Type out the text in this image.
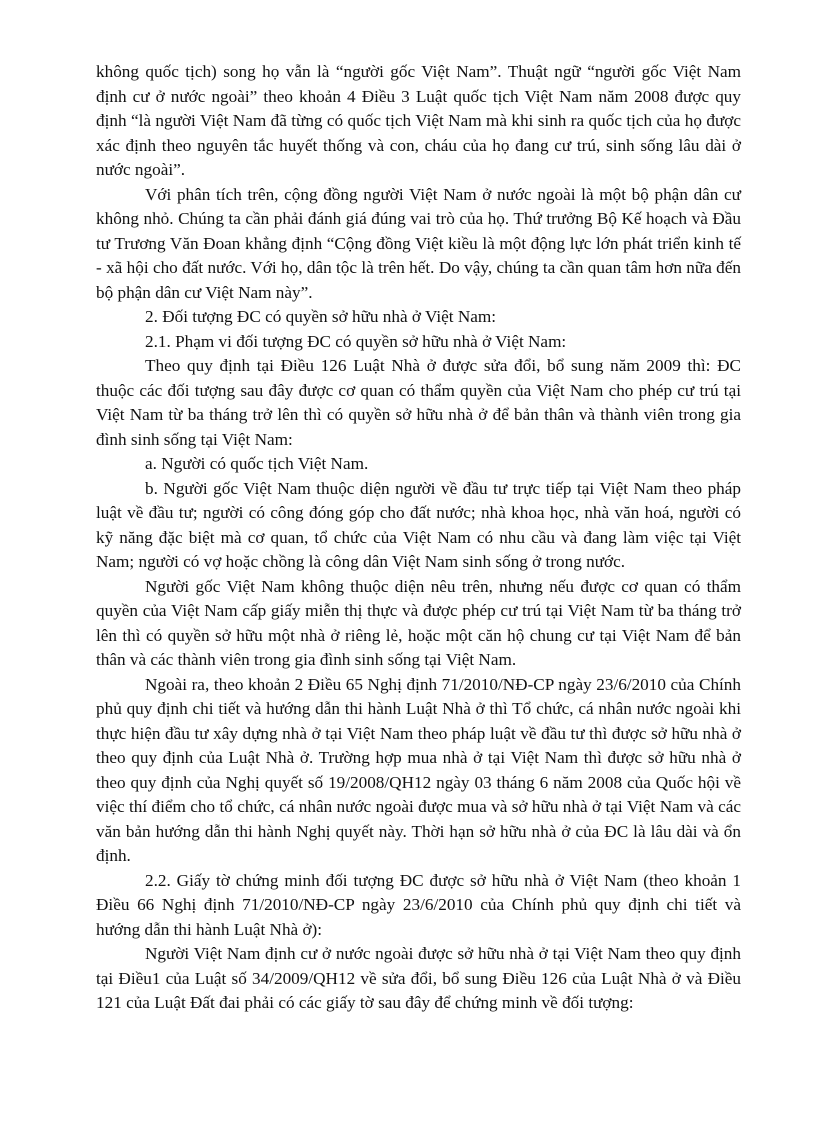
không quốc tịch) song họ vẫn là “người gốc Việt Nam”. Thuật ngữ “người gốc Việt Nam định cư ở nước ngoài” theo khoản 4 Điều 3 Luật quốc tịch Việt Nam năm 2008 được quy định “là người Việt Nam đã từng có quốc tịch Việt Nam mà khi sinh ra quốc tịch của họ được xác định theo nguyên tắc huyết thống và con, cháu của họ đang cư trú, sinh sống lâu dài ở nước ngoài”.

Với phân tích trên, cộng đồng người Việt Nam ở nước ngoài là một bộ phận dân cư không nhỏ. Chúng ta cần phải đánh giá đúng vai trò của họ. Thứ trưởng Bộ Kế hoạch và Đầu tư Trương Văn Đoan khẳng định “Cộng đồng Việt kiều là một động lực lớn phát triển kinh tế - xã hội cho đất nước. Với họ, dân tộc là trên hết. Do vậy, chúng ta cần quan tâm hơn nữa đến bộ phận dân cư Việt Nam này”.

2. Đối tượng ĐC có quyền sở hữu nhà ở Việt Nam:

2.1. Phạm vi đối tượng ĐC có quyền sở hữu nhà ở Việt Nam:

Theo quy định tại Điều 126 Luật Nhà ở được sửa đổi, bổ sung năm 2009 thì: ĐC thuộc các đối tượng sau đây được cơ quan có thẩm quyền của Việt Nam cho phép cư trú tại Việt Nam từ ba tháng trở lên thì có quyền sở hữu nhà ở để bản thân và thành viên trong gia đình sinh sống tại Việt Nam:

a. Người có quốc tịch Việt Nam.

b. Người gốc Việt Nam thuộc diện người về đầu tư trực tiếp tại Việt Nam theo pháp luật về đầu tư; người có công đóng góp cho đất nước; nhà khoa học, nhà văn hoá, người có kỹ năng đặc biệt mà cơ quan, tổ chức của Việt Nam có nhu cầu và đang làm việc tại Việt Nam; người có vợ hoặc chồng là công dân Việt Nam sinh sống ở trong nước.

Người gốc Việt Nam không thuộc diện nêu trên, nhưng nếu được cơ quan có thẩm quyền của Việt Nam cấp giấy miễn thị thực và được phép cư trú tại Việt Nam từ ba tháng trở lên thì có quyền sở hữu một nhà ở riêng lẻ, hoặc một căn hộ chung cư tại Việt Nam để bản thân và các thành viên trong gia đình sinh sống tại Việt Nam.

Ngoài ra, theo khoản 2 Điều 65 Nghị định 71/2010/NĐ-CP ngày 23/6/2010 của Chính phủ quy định chi tiết và hướng dẫn thi hành Luật Nhà ở thì Tổ chức, cá nhân nước ngoài khi thực hiện đầu tư xây dựng nhà ở tại Việt Nam theo pháp luật về đầu tư thì được sở hữu nhà ở theo quy định của Luật Nhà ở. Trường hợp mua nhà ở tại Việt Nam thì được sở hữu nhà ở theo quy định của Nghị quyết số 19/2008/QH12 ngày 03 tháng 6 năm 2008 của Quốc hội về việc thí điểm cho tổ chức, cá nhân nước ngoài được mua và sở hữu nhà ở tại Việt Nam và các văn bản hướng dẫn thi hành Nghị quyết này. Thời hạn sở hữu nhà ở của ĐC là lâu dài và ổn định.

2.2. Giấy tờ chứng minh đối tượng ĐC được sở hữu nhà ở Việt Nam (theo khoản 1 Điều 66 Nghị định 71/2010/NĐ-CP ngày 23/6/2010 của Chính phủ quy định chi tiết và hướng dẫn thi hành Luật Nhà ở):

Người Việt Nam định cư ở nước ngoài được sở hữu nhà ở tại Việt Nam theo quy định tại Điều1 của Luật số 34/2009/QH12 về sửa đổi, bổ sung Điều 126 của Luật Nhà ở và Điều 121 của Luật Đất đai phải có các giấy tờ sau đây để chứng minh về đối tượng:
